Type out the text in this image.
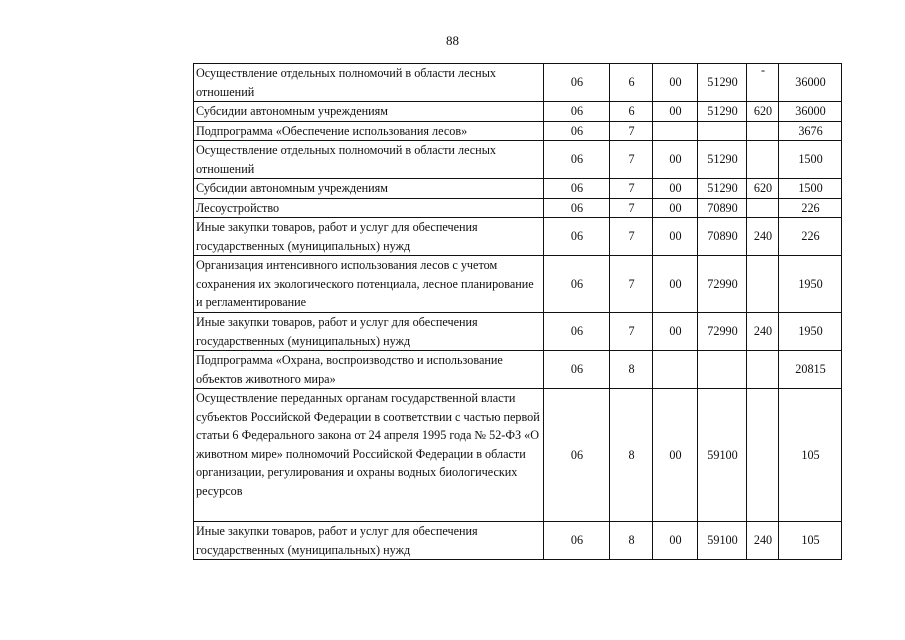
88
Осуществление отдельных полномочий в области лесных отношений	06	6	00	51290	-	36000
Субсидии автономным учреждениям	06	6	00	51290	620	36000
Подпрограмма «Обеспечение использования лесов»	06	7				3676
Осуществление отдельных полномочий в области лесных отношений	06	7	00	51290		1500
Субсидии автономным учреждениям	06	7	00	51290	620	1500
Лесоустройство	06	7	00	70890		226
Иные закупки товаров, работ и услуг для обеспечения государственных (муниципальных) нужд	06	7	00	70890	240	226
Организация интенсивного использования лесов с учетом сохранения их экологического потенциала, лесное планирование и регламентирование	06	7	00	72990		1950
Иные закупки товаров, работ и услуг для обеспечения государственных (муниципальных) нужд	06	7	00	72990	240	1950
Подпрограмма «Охрана, воспроизводство и использование объектов животного мира»	06	8				20815
Осуществление переданных органам государственной власти субъектов Российской Федерации в соответствии с частью первой статьи 6 Федерального закона от 24 апреля 1995 года № 52-ФЗ «О животном мире» полномочий Российской Федерации в области организации, регулирования и охраны водных биологических ресурсов	06	8	00	59100		105
Иные закупки товаров, работ и услуг для обеспечения государственных (муниципальных) нужд	06	8	00	59100	240	105
